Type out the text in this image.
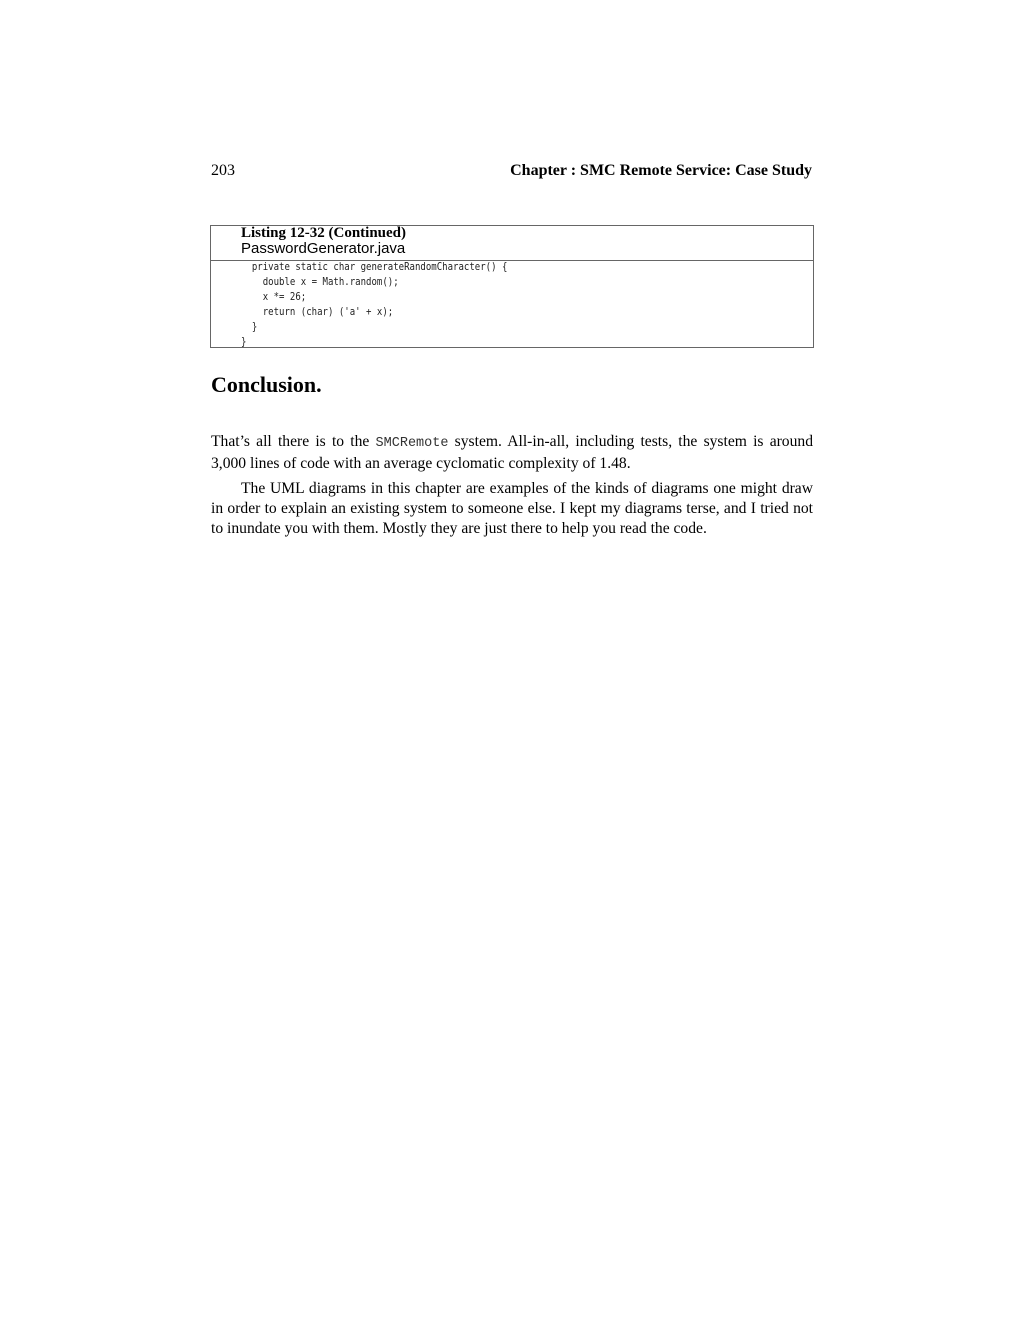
203	Chapter : SMC Remote Service: Case Study
Listing 12-32 (Continued)
PasswordGenerator.java
private static char generateRandomCharacter() {
double x = Math.random();
x *= 26;
return (char) ('a' + x);
}
}
Conclusion.

That’s all there is to the SMCRemote system. All-in-all, including tests, the system is around 3,000 lines of code with an average cyclomatic complexity of 1.48.

The UML diagrams in this chapter are examples of the kinds of diagrams one might draw in order to explain an existing system to someone else. I kept my diagrams terse, and I tried not to inundate you with them. Mostly they are just there to help you read the code.
